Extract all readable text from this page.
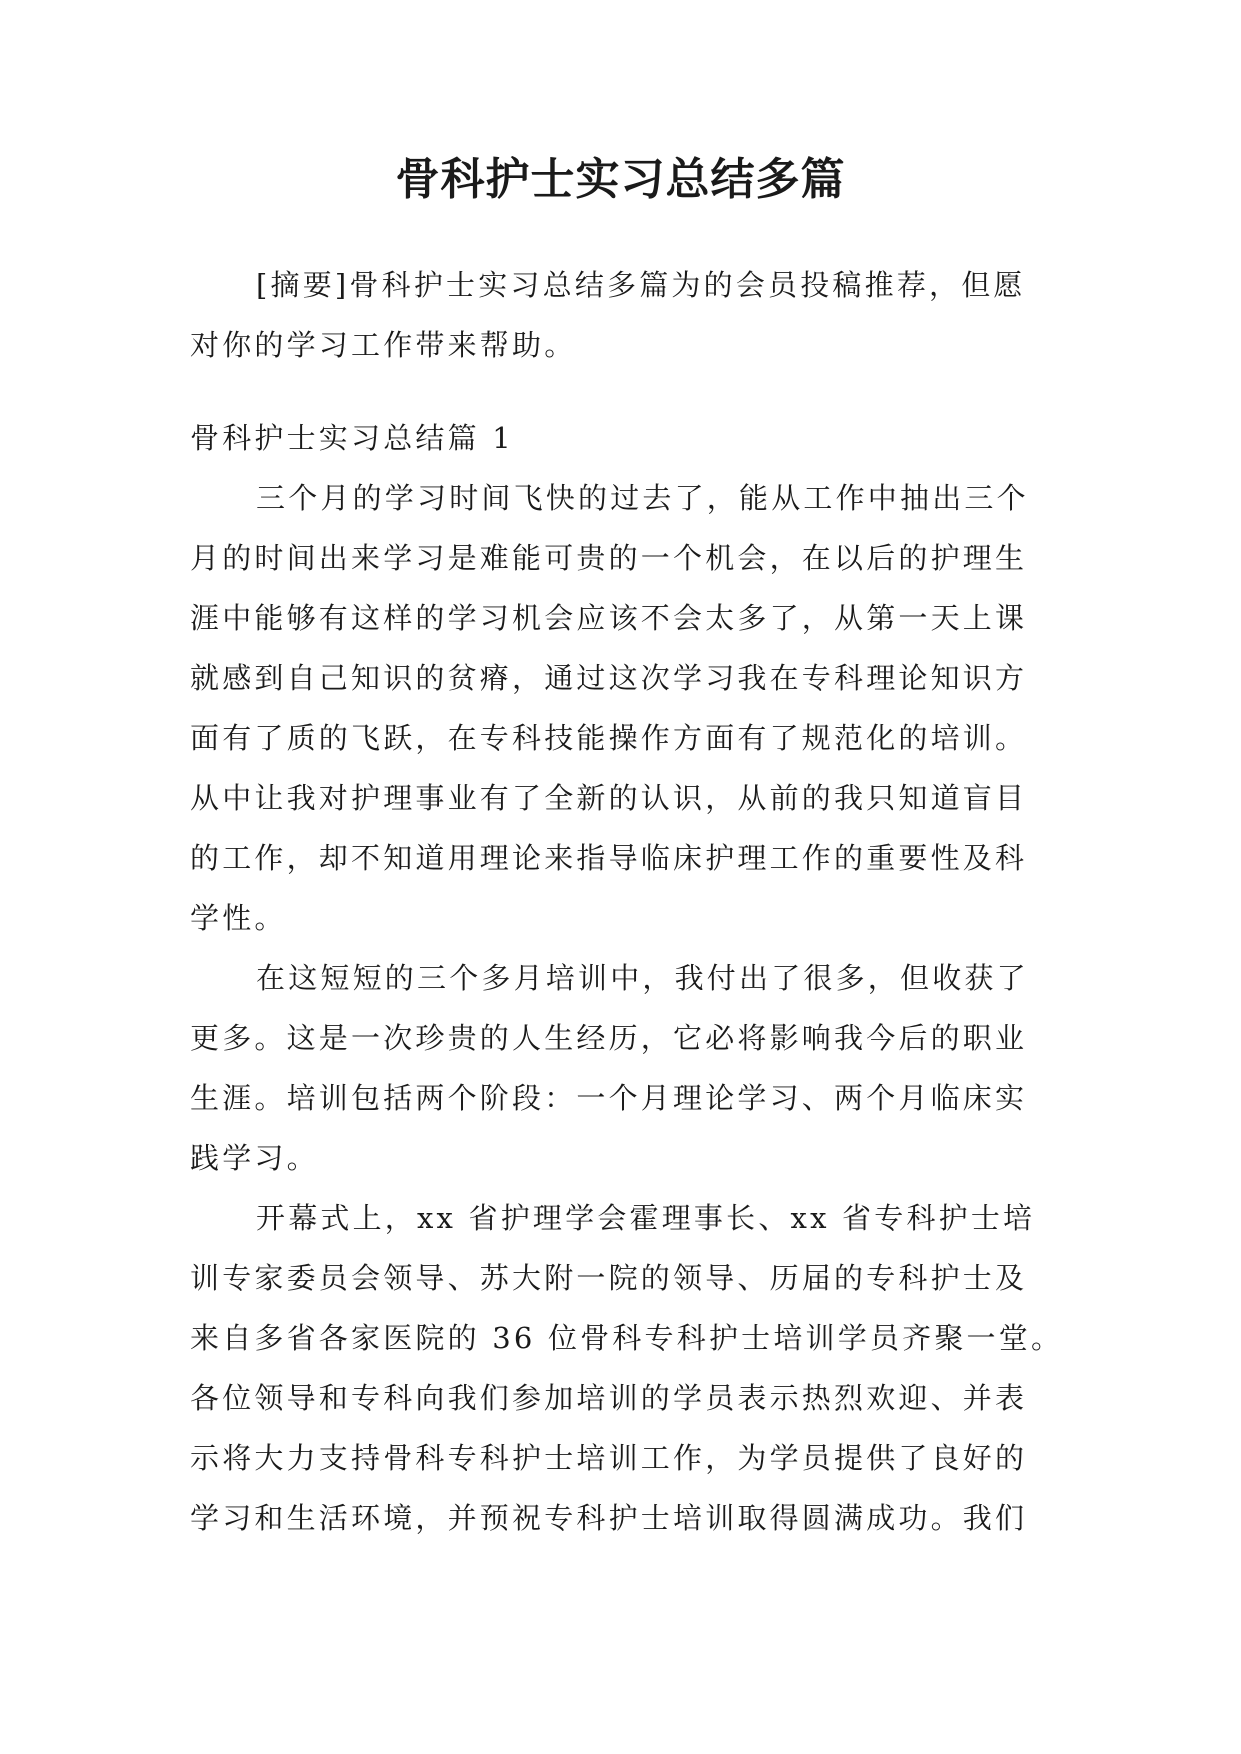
骨科护士实习总结多篇
[摘要]骨科护士实习总结多篇为的会员投稿推荐，但愿
对你的学习工作带来帮助。
骨科护士实习总结篇 1
三个月的学习时间飞快的过去了，能从工作中抽出三个
月的时间出来学习是难能可贵的一个机会，在以后的护理生
涯中能够有这样的学习机会应该不会太多了，从第一天上课
就感到自己知识的贫瘠，通过这次学习我在专科理论知识方
面有了质的飞跃，在专科技能操作方面有了规范化的培训。
从中让我对护理事业有了全新的认识，从前的我只知道盲目
的工作，却不知道用理论来指导临床护理工作的重要性及科
学性。
在这短短的三个多月培训中，我付出了很多，但收获了
更多。这是一次珍贵的人生经历，它必将影响我今后的职业
生涯。培训包括两个阶段：一个月理论学习、两个月临床实
践学习。
开幕式上，xx 省护理学会霍理事长、xx 省专科护士培
训专家委员会领导、苏大附一院的领导、历届的专科护士及
来自多省各家医院的 36 位骨科专科护士培训学员齐聚一堂。
各位领导和专科向我们参加培训的学员表示热烈欢迎、并表
示将大力支持骨科专科护士培训工作，为学员提供了良好的
学习和生活环境，并预祝专科护士培训取得圆满成功。我们
